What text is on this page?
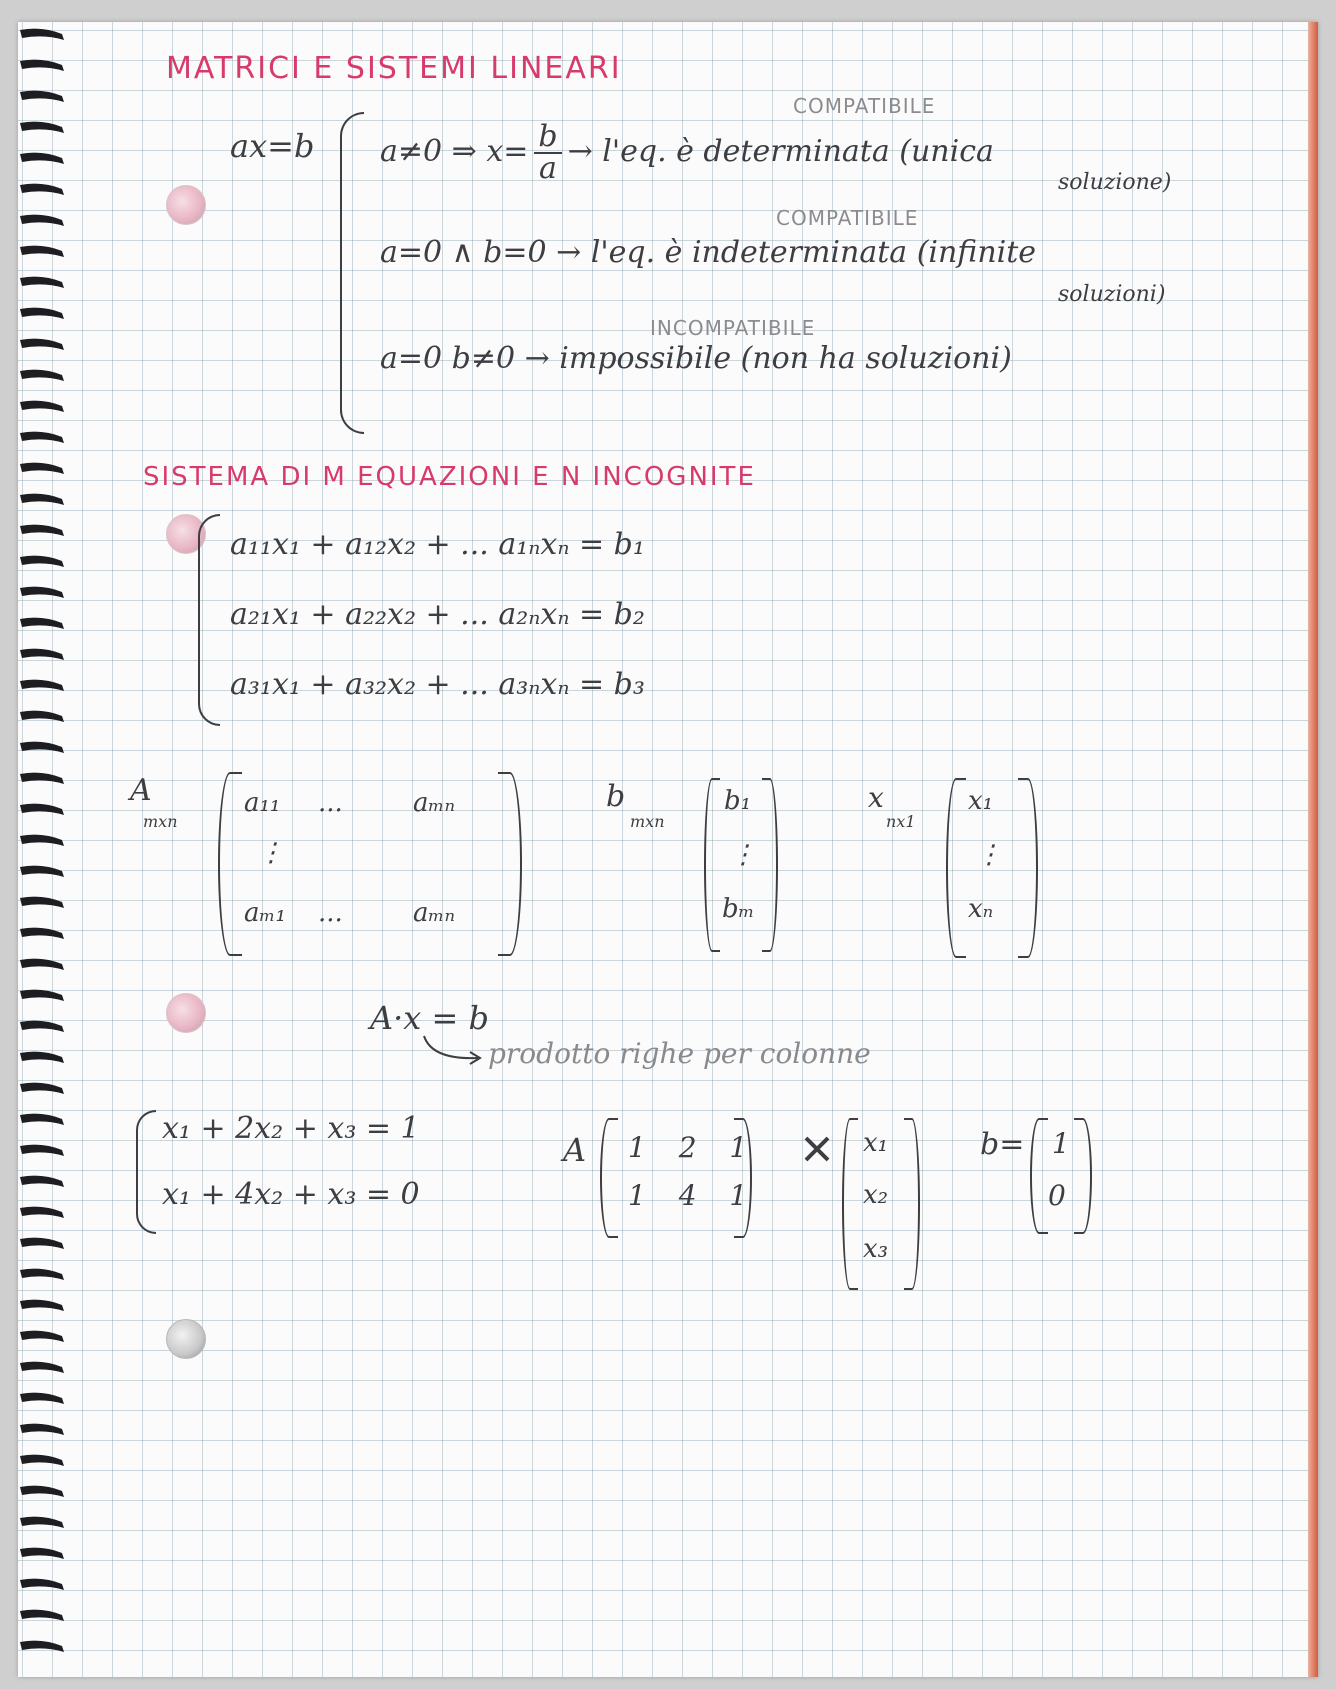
MATRICI E SISTEMI LINEARI
ax=b
COMPATIBILE
a≠0 ⇒ $x= \frac{b}{a} \to l'eq$. è determinata (unica
soluzione)
COMPATIBILE
a=0 ∧ b=0 → l'eq. è indeterminata (infinite
soluzioni)
INCOMPATIBILE
a=0 b≠0 → impossibile (non ha soluzioni)
SISTEMA DI M EQUAZIONI E N INCOGNITE
a₁₁x₁ + a₁₂x₂ + ... a₁ₙxₙ = b₁
a₂₁x₁ + a₂₂x₂ + ... a₂ₙxₙ = b₂
a₃₁x₁ + a₃₂x₂ + ... a₃ₙxₙ = b₃
A
mxn
a₁₁ ...	aₘₙ
⋮
aₘ₁ ...	aₘₙ
b
mxn
b₁
⋮
bₘ
x
nx1
x₁
⋮
xₙ
A·x = b
prodotto righe per colonne
x₁ + 2x₂ + x₃ = 1
x₁ + 4x₂ + x₃ = 0
A 1 2 1
1 4 1
x₁
x₂
x₃
b= 1
0
